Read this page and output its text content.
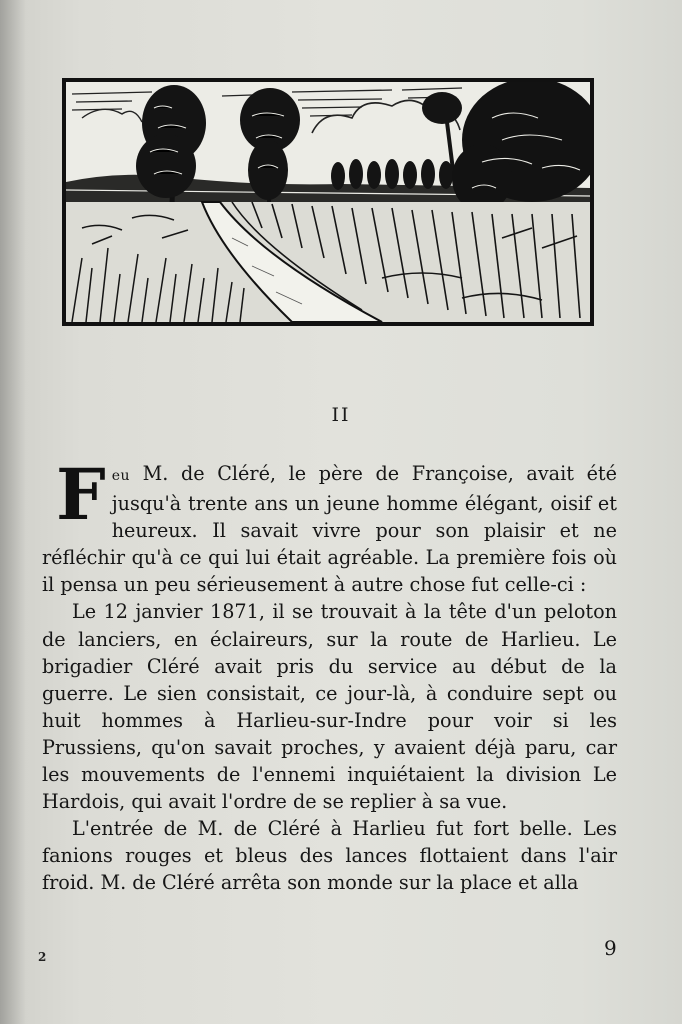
II

Feu M. de Cléré, le père de Françoise, avait été jusqu'à trente ans un jeune homme élégant, oisif et heureux. Il savait vivre pour son plaisir et ne réfléchir qu'à ce qui lui était agréable. La première fois où il pensa un peu sérieusement à autre chose fut celle-ci :

Le 12 janvier 1871, il se trouvait à la tête d'un peloton de lanciers, en éclaireurs, sur la route de Harlieu. Le brigadier Cléré avait pris du service au début de la guerre. Le sien consistait, ce jour-là, à conduire sept ou huit hommes à Harlieu-sur-Indre pour voir si les Prussiens, qu'on savait proches, y avaient déjà paru, car les mouvements de l'ennemi inquiétaient la division Le Hardois, qui avait l'ordre de se replier à sa vue.

L'entrée de M. de Cléré à Harlieu fut fort belle. Les fanions rouges et bleus des lances flottaient dans l'air froid. M. de Cléré arrêta son monde sur la place et alla

2	9
